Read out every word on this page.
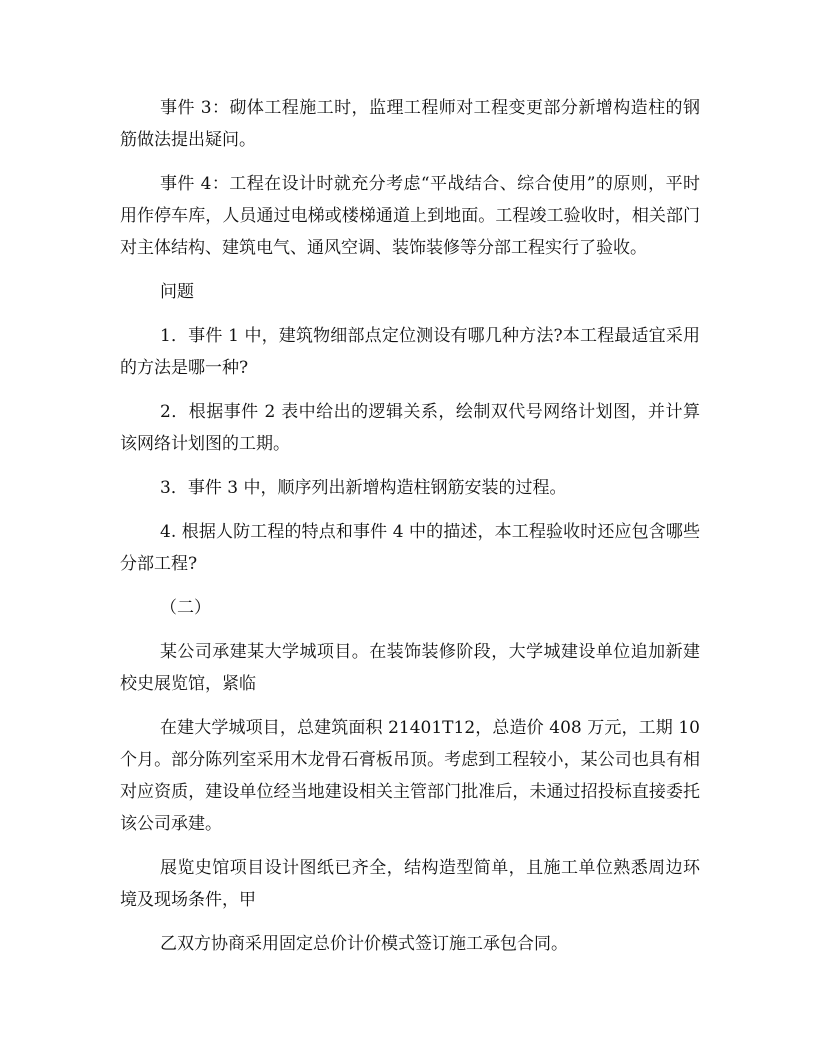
事件 3：砌体工程施工时，监理工程师对工程变更部分新增构造柱的钢筋做法提出疑问。

事件 4：工程在设计时就充分考虑“平战结合、综合使用”的原则，平时用作停车库，人员通过电梯或楼梯通道上到地面。工程竣工验收时，相关部门对主体结构、建筑电气、通风空调、装饰装修等分部工程实行了验收。

问题

1．事件 1 中，建筑物细部点定位测设有哪几种方法?本工程最适宜采用的方法是哪一种?

2．根据事件 2 表中给出的逻辑关系，绘制双代号网络计划图，并计算该网络计划图的工期。

3．事件 3 中，顺序列出新增构造柱钢筋安装的过程。

4. 根据人防工程的特点和事件 4 中的描述，本工程验收时还应包含哪些分部工程?

（二）

某公司承建某大学城项目。在装饰装修阶段，大学城建设单位追加新建校史展览馆，紧临

在建大学城项目，总建筑面积 21401T12，总造价 408 万元，工期 10 个月。部分陈列室采用木龙骨石膏板吊顶。考虑到工程较小，某公司也具有相对应资质，建设单位经当地建设相关主管部门批准后，未通过招投标直接委托该公司承建。

展览史馆项目设计图纸已齐全，结构造型简单，且施工单位熟悉周边环境及现场条件，甲

乙双方协商采用固定总价计价模式签订施工承包合同。
